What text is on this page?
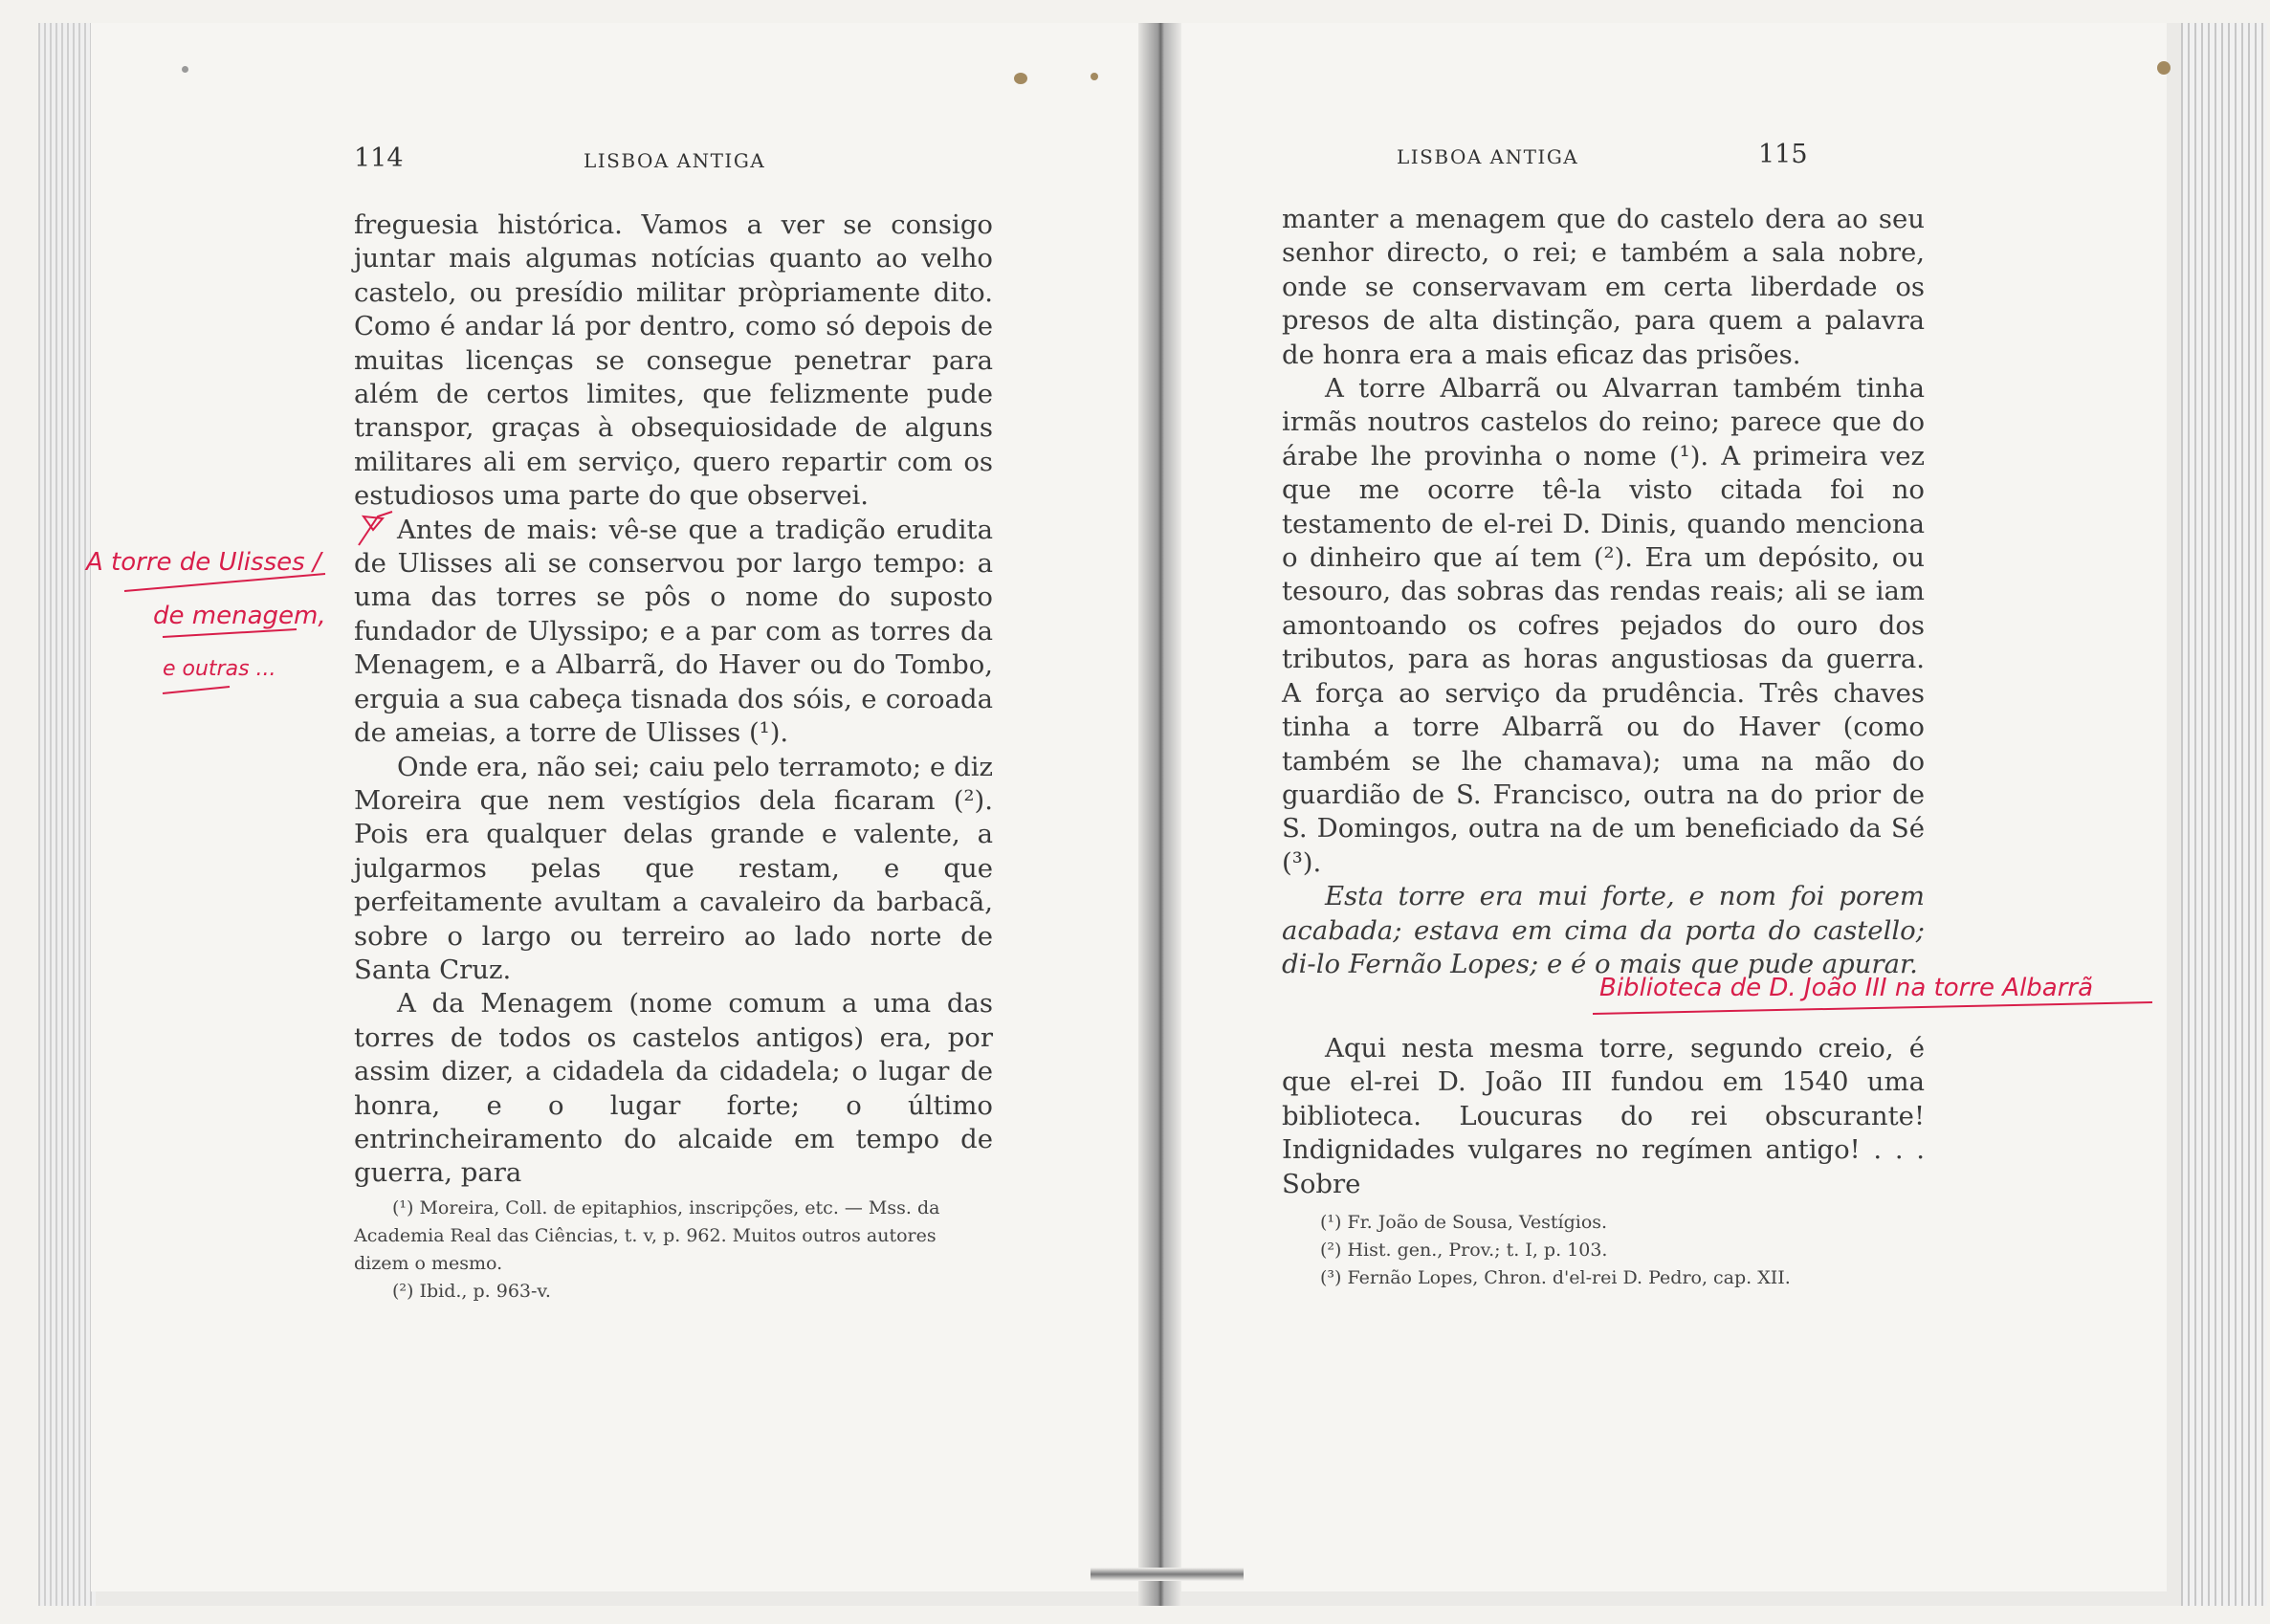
114	LISBOA ANTIGA

freguesia histórica. Vamos a ver se consigo juntar mais algumas notícias quanto ao velho castelo, ou presídio militar pròpriamente dito. Como é andar lá por dentro, como só depois de muitas licenças se consegue penetrar para além de certos limites, que felizmente pude transpor, graças à obsequiosidade de alguns militares ali em serviço, quero repartir com os estudiosos uma parte do que observei.

Antes de mais: vê-se que a tradição erudita de Ulisses ali se conservou por largo tempo: a uma das torres se pôs o nome do suposto fundador de Ulyssipo; e a par com as torres da Menagem, e a Albarrã, do Haver ou do Tombo, erguia a sua cabeça tisnada dos sóis, e coroada de ameias, a torre de Ulisses (¹).

Onde era, não sei; caiu pelo terramoto; e diz Moreira que nem vestígios dela ficaram (²). Pois era qualquer delas grande e valente, a julgarmos pelas que restam, e que perfeitamente avultam a cavaleiro da barbacã, sobre o largo ou terreiro ao lado norte de Santa Cruz.

A da Menagem (nome comum a uma das torres de todos os castelos antigos) era, por assim dizer, a cidadela da cidadela; o lugar de honra, e o lugar forte; o último entrincheiramento do alcaide em tempo de guerra, para

(¹) Moreira, Coll. de epitaphios, inscripções, etc. — Mss. da Academia Real das Ciências, t. v, p. 962. Muitos outros autores dizem o mesmo.

(²) Ibid., p. 963-v.

LISBOA ANTIGA	115

manter a menagem que do castelo dera ao seu senhor directo, o rei; e também a sala nobre, onde se conservavam em certa liberdade os presos de alta distinção, para quem a palavra de honra era a mais eficaz das prisões.

A torre Albarrã ou Alvarran também tinha irmãs noutros castelos do reino; parece que do árabe lhe provinha o nome (¹). A primeira vez que me ocorre tê-la visto citada foi no testamento de el-rei D. Dinis, quando menciona o dinheiro que aí tem (²). Era um depósito, ou tesouro, das sobras das rendas reais; ali se iam amontoando os cofres pejados do ouro dos tributos, para as horas angustiosas da guerra. A força ao serviço da prudência. Três chaves tinha a torre Albarrã ou do Haver (como também se lhe chamava); uma na mão do guardião de S. Francisco, outra na do prior de S. Domingos, outra na de um beneficiado da Sé (³).

Esta torre era mui forte, e nom foi porem acabada; estava em cima da porta do castello; di-lo Fernão Lopes; e é o mais que pude apurar.

Aqui nesta mesma torre, segundo creio, é que el-rei D. João III fundou em 1540 uma biblioteca. Loucuras do rei obscurante! Indignidades vulgares no regímen antigo! . . . Sobre

(¹) Fr. João de Sousa, Vestígios.

(²) Hist. gen., Prov.; t. I, p. 103.

(³) Fernão Lopes, Chron. d'el-rei D. Pedro, cap. XII.

A torre de Ulisses /
de menagem,
e outras ...
Biblioteca de D. João III na torre Albarrã
